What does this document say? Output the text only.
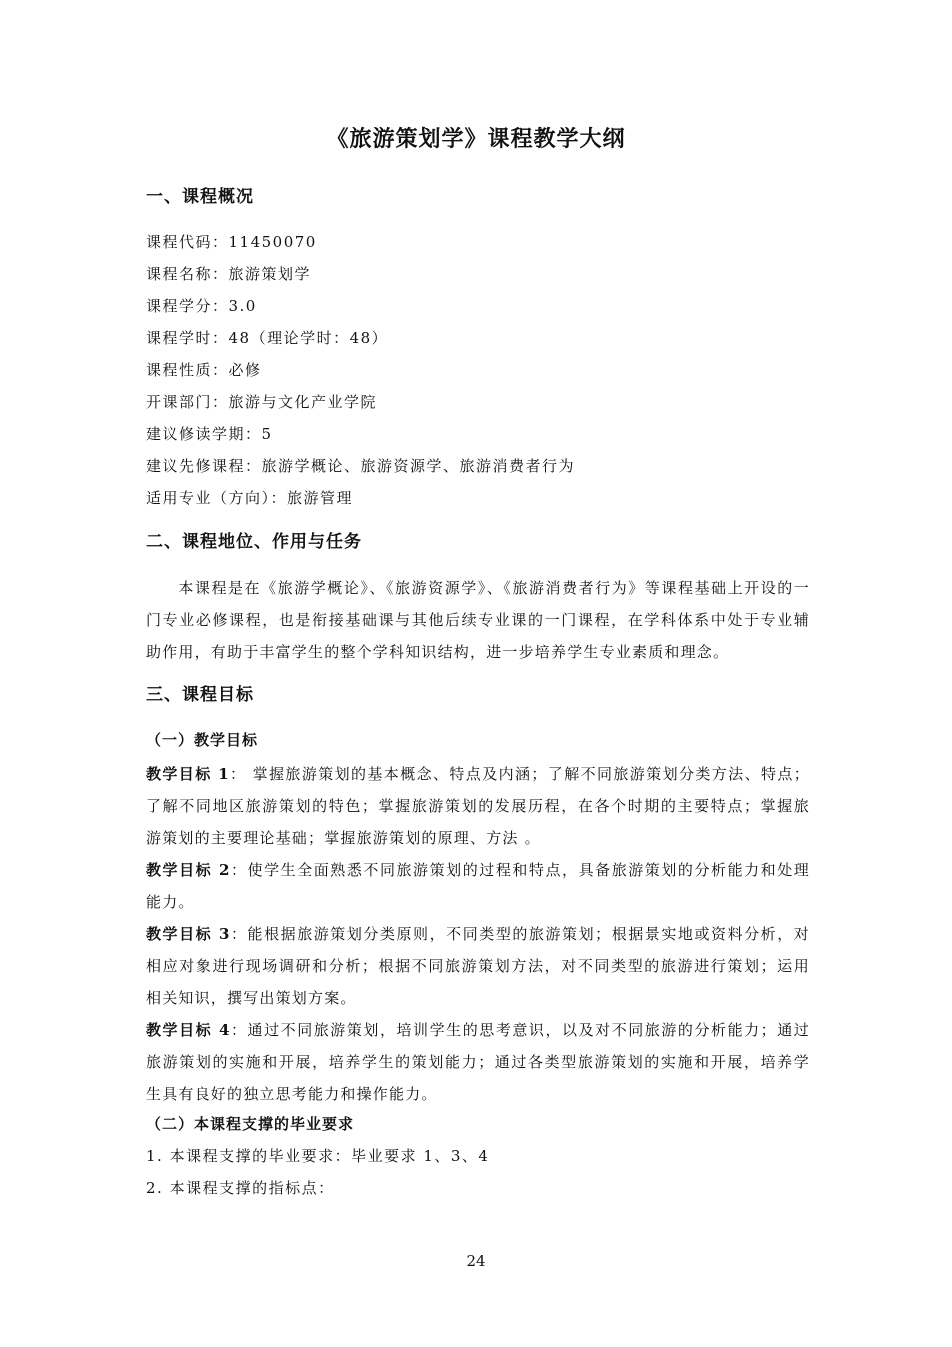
《旅游策划学》课程教学大纲
一、课程概况
课程代码：11450070
课程名称：旅游策划学
课程学分：3.0
课程学时：48（理论学时：48）
课程性质：必修
开课部门：旅游与文化产业学院
建议修读学期：5
建议先修课程：旅游学概论、旅游资源学、旅游消费者行为
适用专业（方向）：旅游管理
二、课程地位、作用与任务
本课程是在《旅游学概论》、《旅游资源学》、《旅游消费者行为》等课程基础上开设的一门专业必修课程，也是衔接基础课与其他后续专业课的一门课程，在学科体系中处于专业辅助作用，有助于丰富学生的整个学科知识结构，进一步培养学生专业素质和理念。
三、课程目标
（一）教学目标
教学目标 1： 掌握旅游策划的基本概念、特点及内涵；了解不同旅游策划分类方法、特点；了解不同地区旅游策划的特色；掌握旅游策划的发展历程，在各个时期的主要特点；掌握旅游策划的主要理论基础；掌握旅游策划的原理、方法 。
教学目标 2：使学生全面熟悉不同旅游策划的过程和特点，具备旅游策划的分析能力和处理能力。
教学目标 3：能根据旅游策划分类原则，不同类型的旅游策划；根据景实地或资料分析，对相应对象进行现场调研和分析；根据不同旅游策划方法，对不同类型的旅游进行策划；运用相关知识，撰写出策划方案。
教学目标 4：通过不同旅游策划，培训学生的思考意识，以及对不同旅游的分析能力；通过旅游策划的实施和开展，培养学生的策划能力；通过各类型旅游策划的实施和开展，培养学生具有良好的独立思考能力和操作能力。
（二）本课程支撑的毕业要求
1. 本课程支撑的毕业要求：毕业要求 1、3、4
2. 本课程支撑的指标点：
24
